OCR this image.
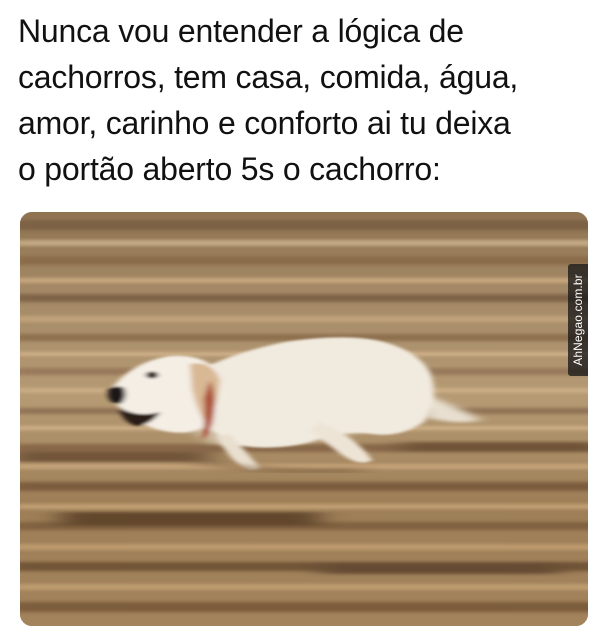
Nunca vou entender a lógica de
cachorros, tem casa, comida, água,
amor, carinho e conforto ai tu deixa
o portão aberto 5s o cachorro:
AhNegao.com.br
